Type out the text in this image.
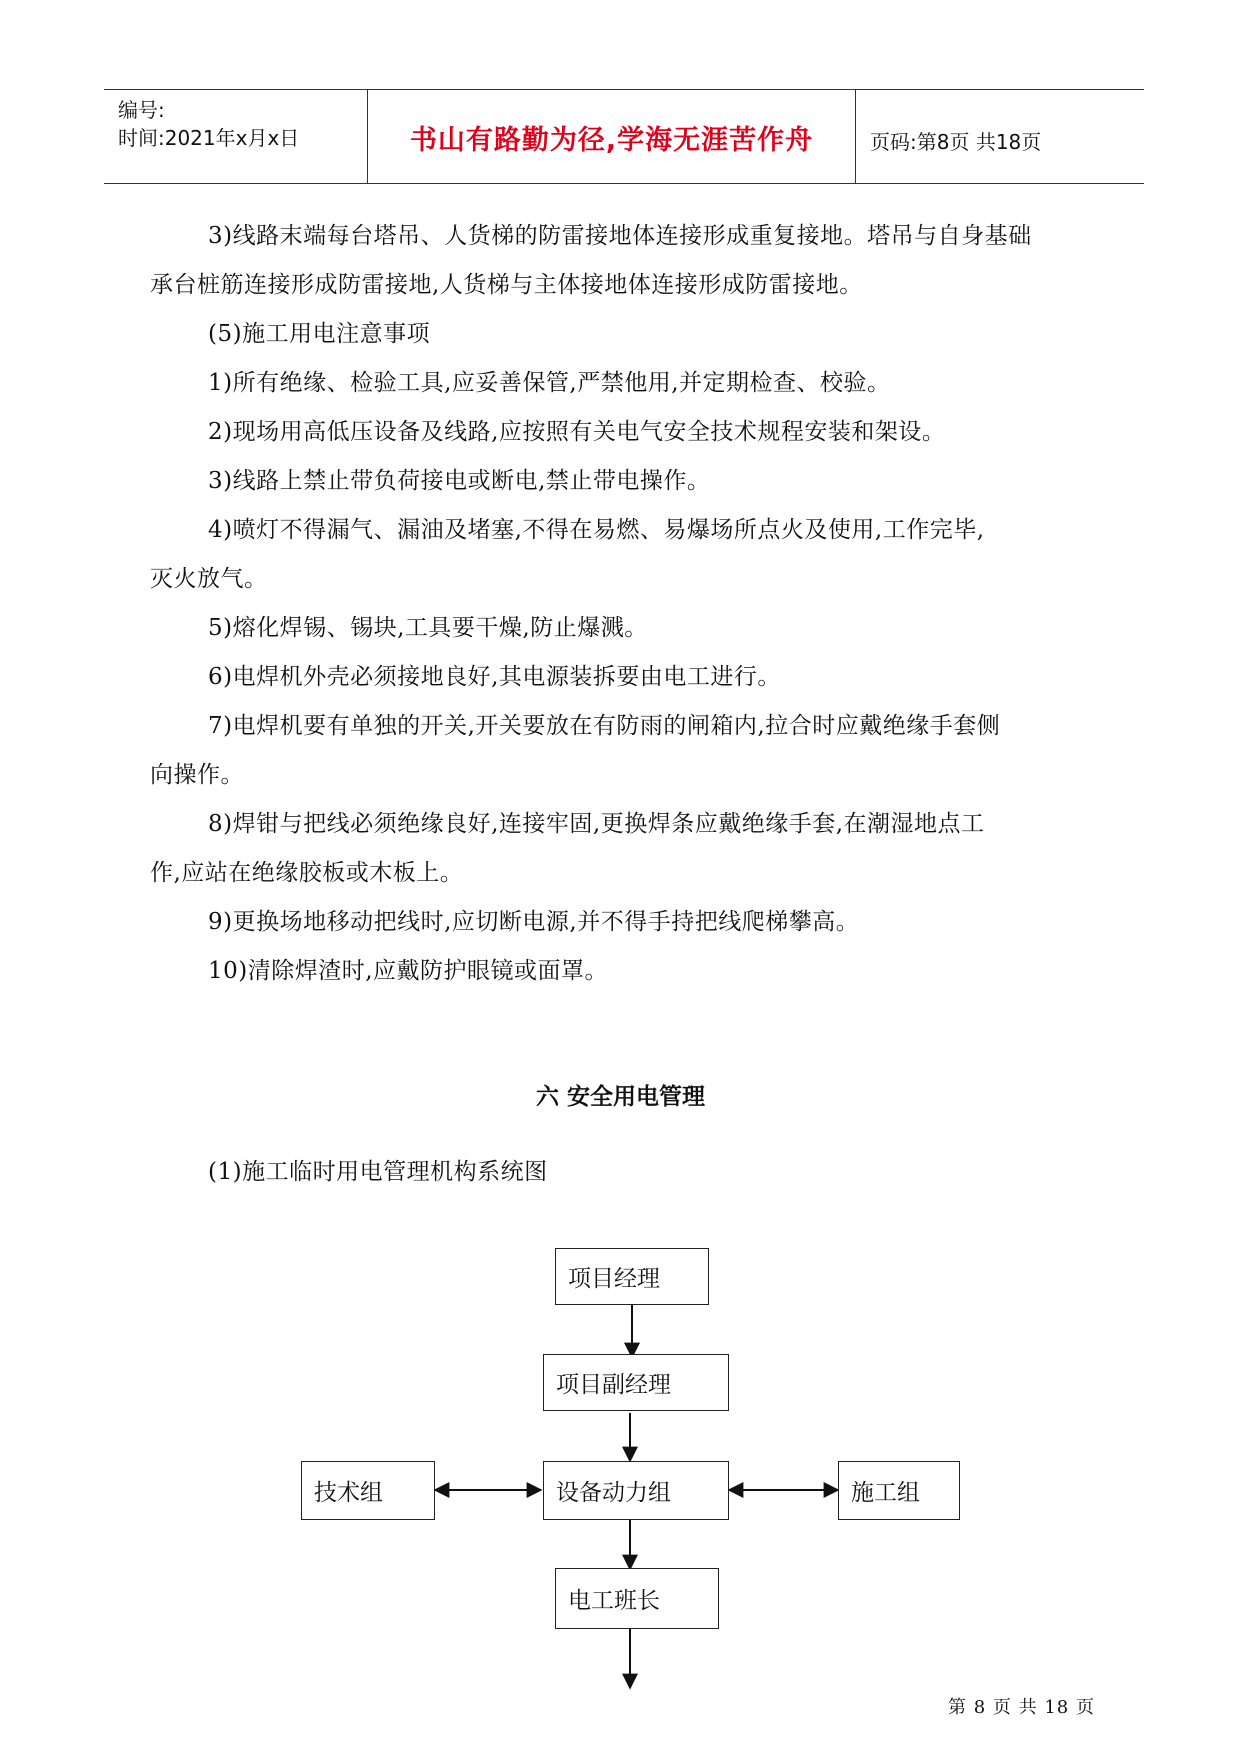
编号:
时间:2021年x月x日	书山有路勤为径,学海无涯苦作舟	页码:第8页 共18页
3)线路末端每台塔吊、人货梯的防雷接地体连接形成重复接地。塔吊与自身基础
承台桩筋连接形成防雷接地,人货梯与主体接地体连接形成防雷接地。
(5)施工用电注意事项
1)所有绝缘、检验工具,应妥善保管,严禁他用,并定期检查、校验。
2)现场用高低压设备及线路,应按照有关电气安全技术规程安装和架设。
3)线路上禁止带负荷接电或断电,禁止带电操作。
4)喷灯不得漏气、漏油及堵塞,不得在易燃、易爆场所点火及使用,工作完毕,
灭火放气。
5)熔化焊锡、锡块,工具要干燥,防止爆溅。
6)电焊机外壳必须接地良好,其电源装拆要由电工进行。
7)电焊机要有单独的开关,开关要放在有防雨的闸箱内,拉合时应戴绝缘手套侧
向操作。
8)焊钳与把线必须绝缘良好,连接牢固,更换焊条应戴绝缘手套,在潮湿地点工
作,应站在绝缘胶板或木板上。
9)更换场地移动把线时,应切断电源,并不得手持把线爬梯攀高。
10)清除焊渣时,应戴防护眼镜或面罩。
六 安全用电管理
(1)施工临时用电管理机构系统图
项目经理
项目副经理
技术组	设备动力组	施工组
电工班长
第 8 页 共 18 页
